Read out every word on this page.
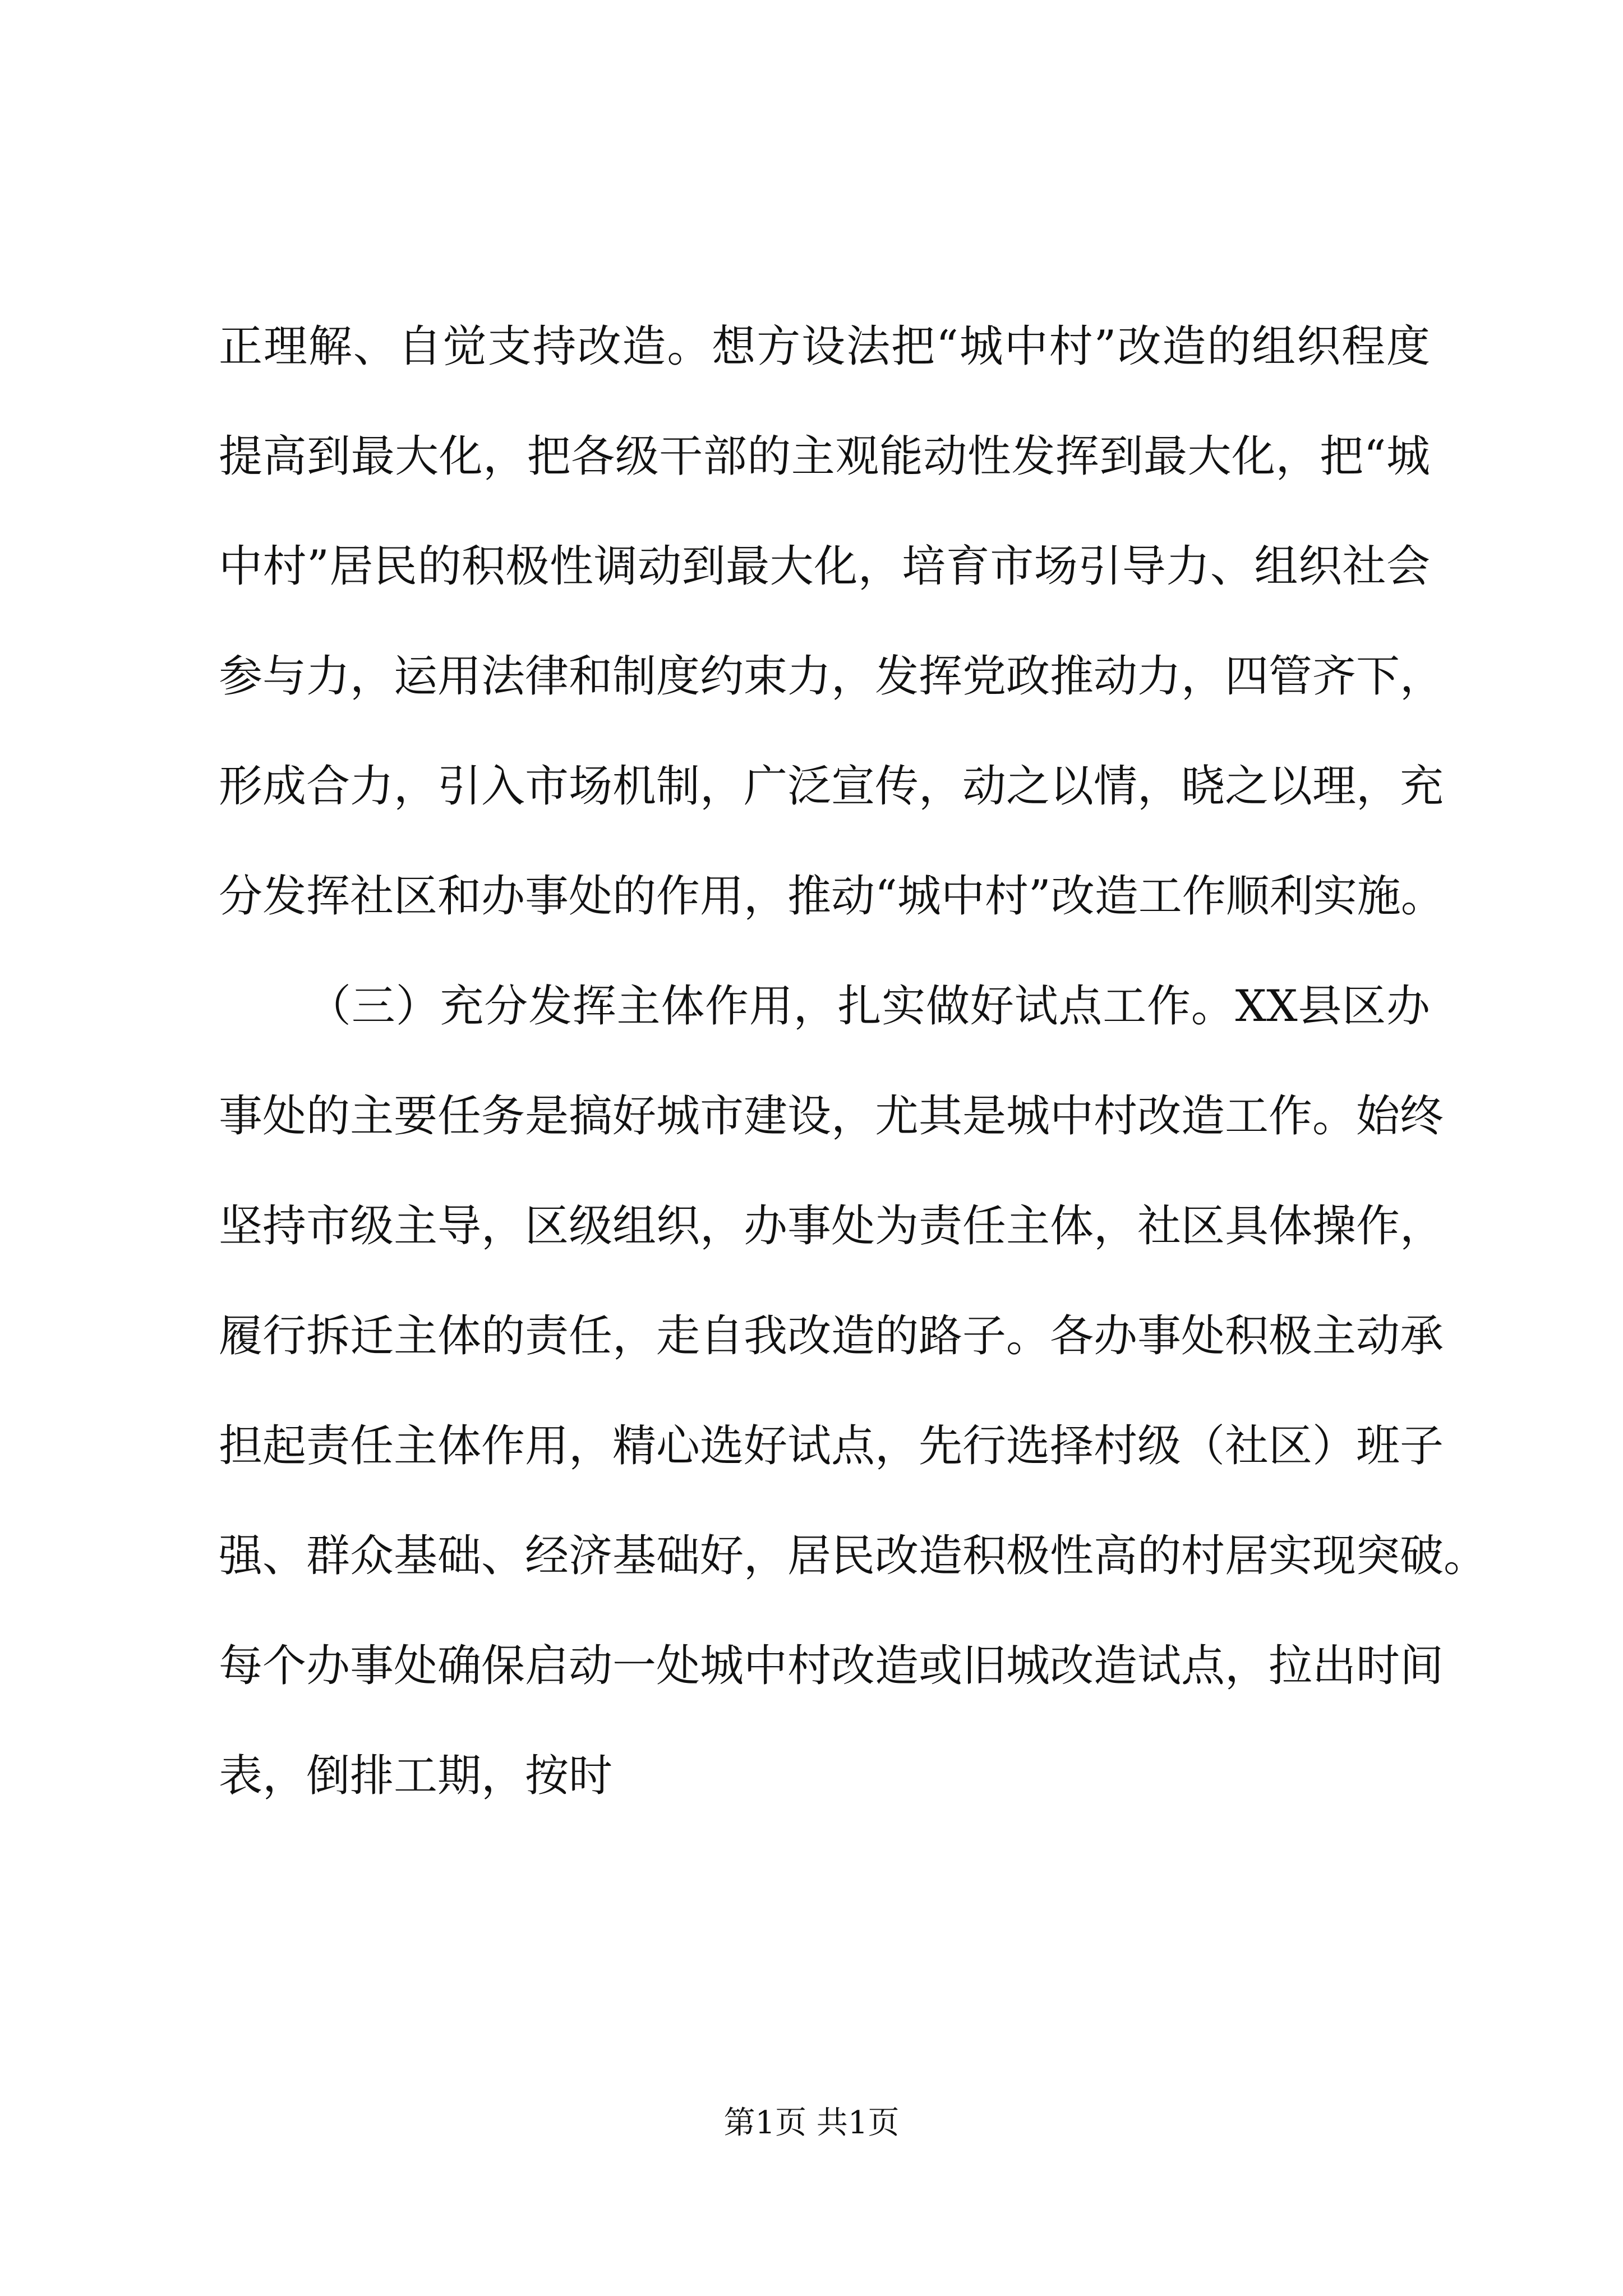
正理解、自觉支持改造。想方设法把“城中村”改造的组织程度
提高到最大化，把各级干部的主观能动性发挥到最大化，把“城
中村”居民的积极性调动到最大化，培育市场引导力、组织社会
参与力，运用法律和制度约束力，发挥党政推动力，四管齐下，
形成合力，引入市场机制，广泛宣传，动之以情，晓之以理，充
分发挥社区和办事处的作用，推动“城中村”改造工作顺利实施。
（三）充分发挥主体作用，扎实做好试点工作。XX县区办
事处的主要任务是搞好城市建设，尤其是城中村改造工作。始终
坚持市级主导，区级组织，办事处为责任主体，社区具体操作，
履行拆迁主体的责任，走自我改造的路子。各办事处积极主动承
担起责任主体作用，精心选好试点，先行选择村级（社区）班子
强、群众基础、经济基础好，居民改造积极性高的村居实现突破。
每个办事处确保启动一处城中村改造或旧城改造试点，拉出时间
表，倒排工期，按时
第1页 共1页
